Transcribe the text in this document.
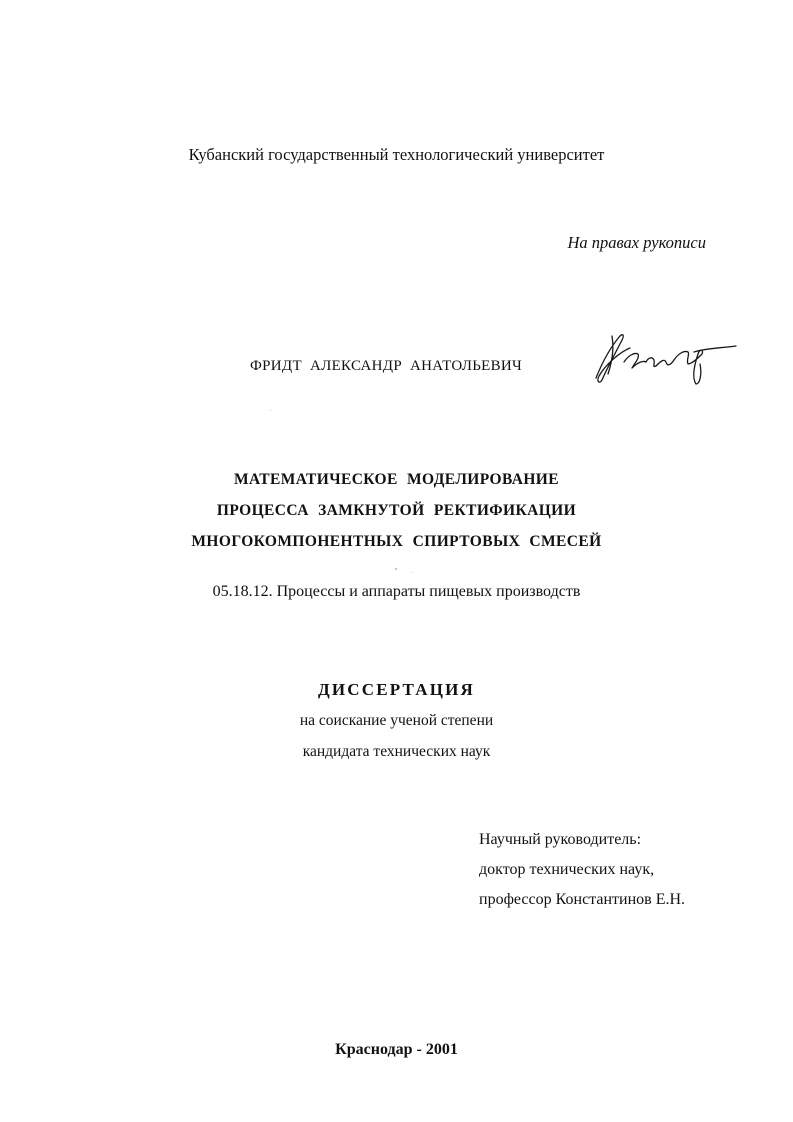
Кубанский государственный технологический университет
На правах рукописи
ФРИДТ АЛЕКСАНДР АНАТОЛЬЕВИЧ
МАТЕМАТИЧЕСКОЕ МОДЕЛИРОВАНИЕ
ПРОЦЕССА ЗАМКНУТОЙ РЕКТИФИКАЦИИ
МНОГОКОМПОНЕНТНЫХ СПИРТОВЫХ СМЕСЕЙ
05.18.12. Процессы и аппараты пищевых производств
ДИССЕРТАЦИЯ
на соискание ученой степени
кандидата технических наук
Научный руководитель:
доктор технических наук,
профессор Константинов Е.Н.
Краснодар - 2001
